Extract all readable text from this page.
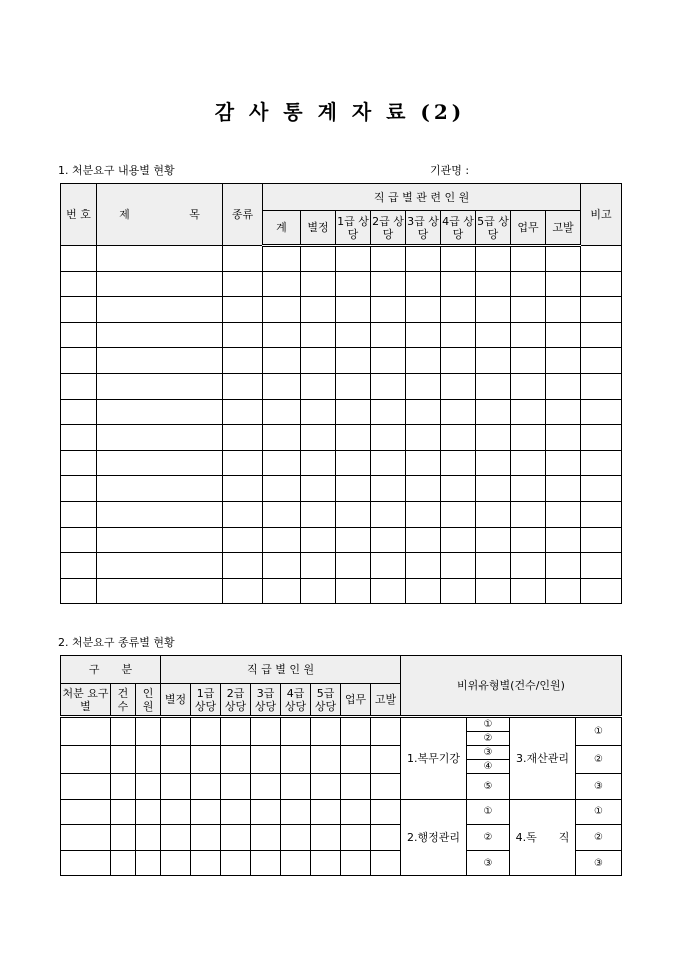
감 사 통 계 자 료 (2)
1. 처분요구 내용별 현황	기관명 :
번 호	제 목	종류	직 급 별 관 련 인 원									비고
			계	별정	1급 상당	2급 상당	3급 상당	4급 상당	5급 상당	업무	고발	

2. 처분요구 종류별 현황
구　　분			직 급 별 인 원								비위유형별(건수/인원)			
처분 요구별	건 수	인 원	별정	1급 상당	2급 상당	3급 상당	4급 상당	5급 상당	업무	고발				
											1.복무기강	①	3.재산관리	①
												②		
												③		②
												④		
												⑤		③

											2.행정관리	①	4.독　　직	①

												②		②

												③		③
